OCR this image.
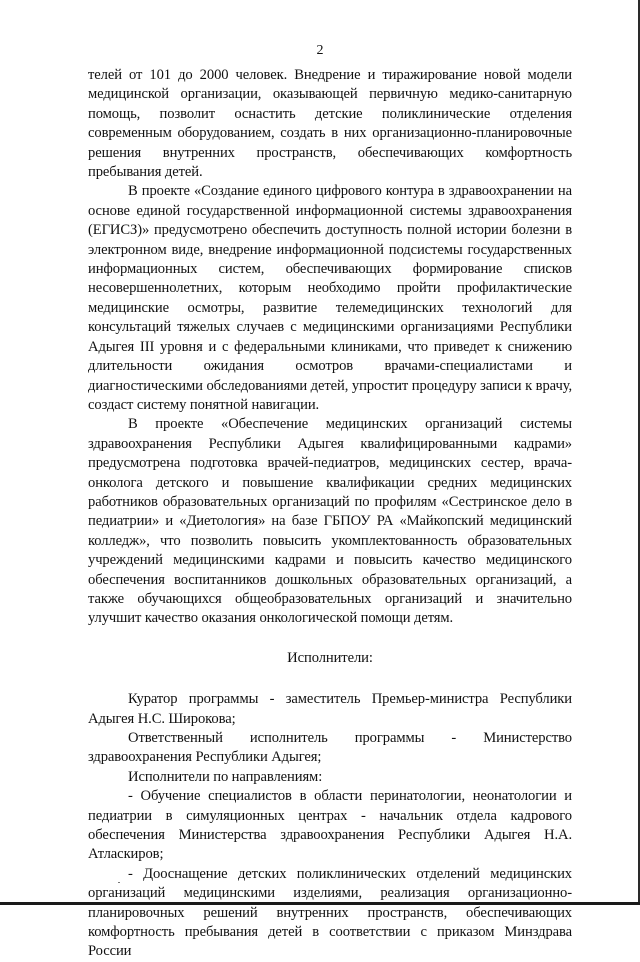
2

телей от 101 до 2000 человек. Внедрение и тиражирование новой модели медицинской организации, оказывающей первичную медико-санитарную помощь, позволит оснастить детские поликлинические отделения современным оборудованием, создать в них организационно-планировочные решения внутренних пространств, обеспечивающих комфортность пребывания детей.

В проекте «Создание единого цифрового контура в здравоохранении на основе единой государственной информационной системы здравоохранения (ЕГИСЗ)» предусмотрено обеспечить доступность полной истории болезни в электронном виде, внедрение информационной подсистемы государственных информационных систем, обеспечивающих формирование списков несовершеннолетних, которым необходимо пройти профилактические медицинские осмотры, развитие телемедицинских технологий для консультаций тяжелых случаев с медицинскими организациями Республики Адыгея III уровня и с федеральными клиниками, что приведет к снижению длительности ожидания осмотров врачами-специалистами и диагностическими обследованиями детей, упростит процедуру записи к врачу, создаст систему понятной навигации.

В проекте «Обеспечение медицинских организаций системы здравоохранения Республики Адыгея квалифицированными кадрами» предусмотрена подготовка врачей-педиатров, медицинских сестер, врача-онколога детского и повышение квалификации средних медицинских работников образовательных организаций по профилям «Сестринское дело в педиатрии» и «Диетология» на базе ГБПОУ РА «Майкопский медицинский колледж», что позволить повысить укомплектованность образовательных учреждений медицинскими кадрами и повысить качество медицинского обеспечения воспитанников дошкольных образовательных организаций, а также обучающихся общеобразовательных организаций и значительно улучшит качество оказания онкологической помощи детям.

Исполнители:

Куратор программы - заместитель Премьер-министра Республики Адыгея Н.С. Широкова;

Ответственный исполнитель программы - Министерство здравоохранения Республики Адыгея;

Исполнители по направлениям:

- Обучение специалистов в области перинатологии, неонатологии и педиатрии в симуляционных центрах - начальник отдела кадрового обеспечения Министерства здравоохранения Республики Адыгея Н.А. Атласкиров;

- Дооснащение детских поликлинических отделений медицинских организаций медицинскими изделиями, реализация организационно-планировочных решений внутренних пространств, обеспечивающих комфортность пребывания детей в соответствии с приказом Минздрава России
